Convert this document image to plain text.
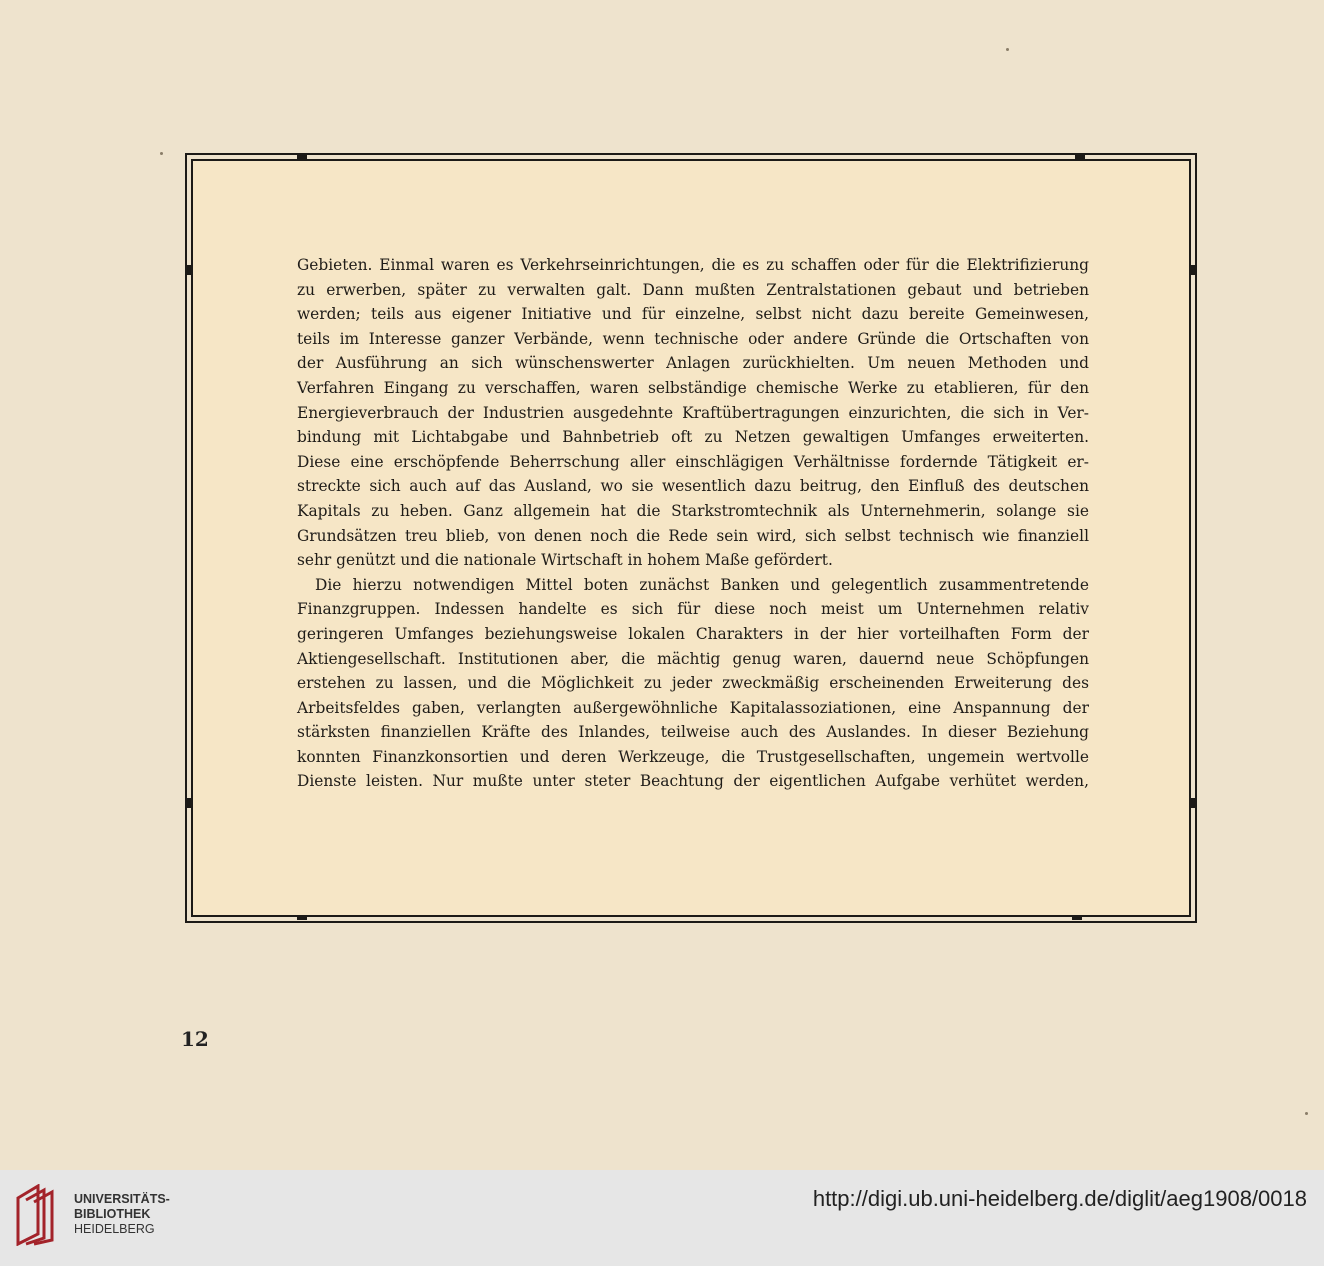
Gebieten. Einmal waren es Verkehrseinrichtungen, die es zu schaffen oder für die Elektrifizierung
zu erwerben, später zu verwalten galt. Dann mußten Zentralstationen gebaut und betrieben
werden; teils aus eigener Initiative und für einzelne, selbst nicht dazu bereite Gemeinwesen,
teils im Interesse ganzer Verbände, wenn technische oder andere Gründe die Ortschaften von
der Ausführung an sich wünschenswerter Anlagen zurückhielten. Um neuen Methoden und
Verfahren Eingang zu verschaffen, waren selbständige chemische Werke zu etablieren, für den
Energieverbrauch der Industrien ausgedehnte Kraftübertragungen einzurichten, die sich in Ver-
bindung mit Lichtabgabe und Bahnbetrieb oft zu Netzen gewaltigen Umfanges erweiterten.
Diese eine erschöpfende Beherrschung aller einschlägigen Verhältnisse fordernde Tätigkeit er-
streckte sich auch auf das Ausland, wo sie wesentlich dazu beitrug, den Einfluß des deutschen
Kapitals zu heben. Ganz allgemein hat die Starkstromtechnik als Unternehmerin, solange sie
Grundsätzen treu blieb, von denen noch die Rede sein wird, sich selbst technisch wie finanziell
sehr genützt und die nationale Wirtschaft in hohem Maße gefördert.
Die hierzu notwendigen Mittel boten zunächst Banken und gelegentlich zusammentretende
Finanzgruppen. Indessen handelte es sich für diese noch meist um Unternehmen relativ
geringeren Umfanges beziehungsweise lokalen Charakters in der hier vorteilhaften Form der
Aktiengesellschaft. Institutionen aber, die mächtig genug waren, dauernd neue Schöpfungen
erstehen zu lassen, und die Möglichkeit zu jeder zweckmäßig erscheinenden Erweiterung des
Arbeitsfeldes gaben, verlangten außergewöhnliche Kapitalassoziationen, eine Anspannung der
stärksten finanziellen Kräfte des Inlandes, teilweise auch des Auslandes. In dieser Beziehung
konnten Finanzkonsortien und deren Werkzeuge, die Trustgesellschaften, ungemein wertvolle
Dienste leisten. Nur mußte unter steter Beachtung der eigentlichen Aufgabe verhütet werden,
12
UNIVERSITÄTS-
BIBLIOTHEK
HEIDELBERG
http://digi.ub.uni-heidelberg.de/diglit/aeg1908/0018
